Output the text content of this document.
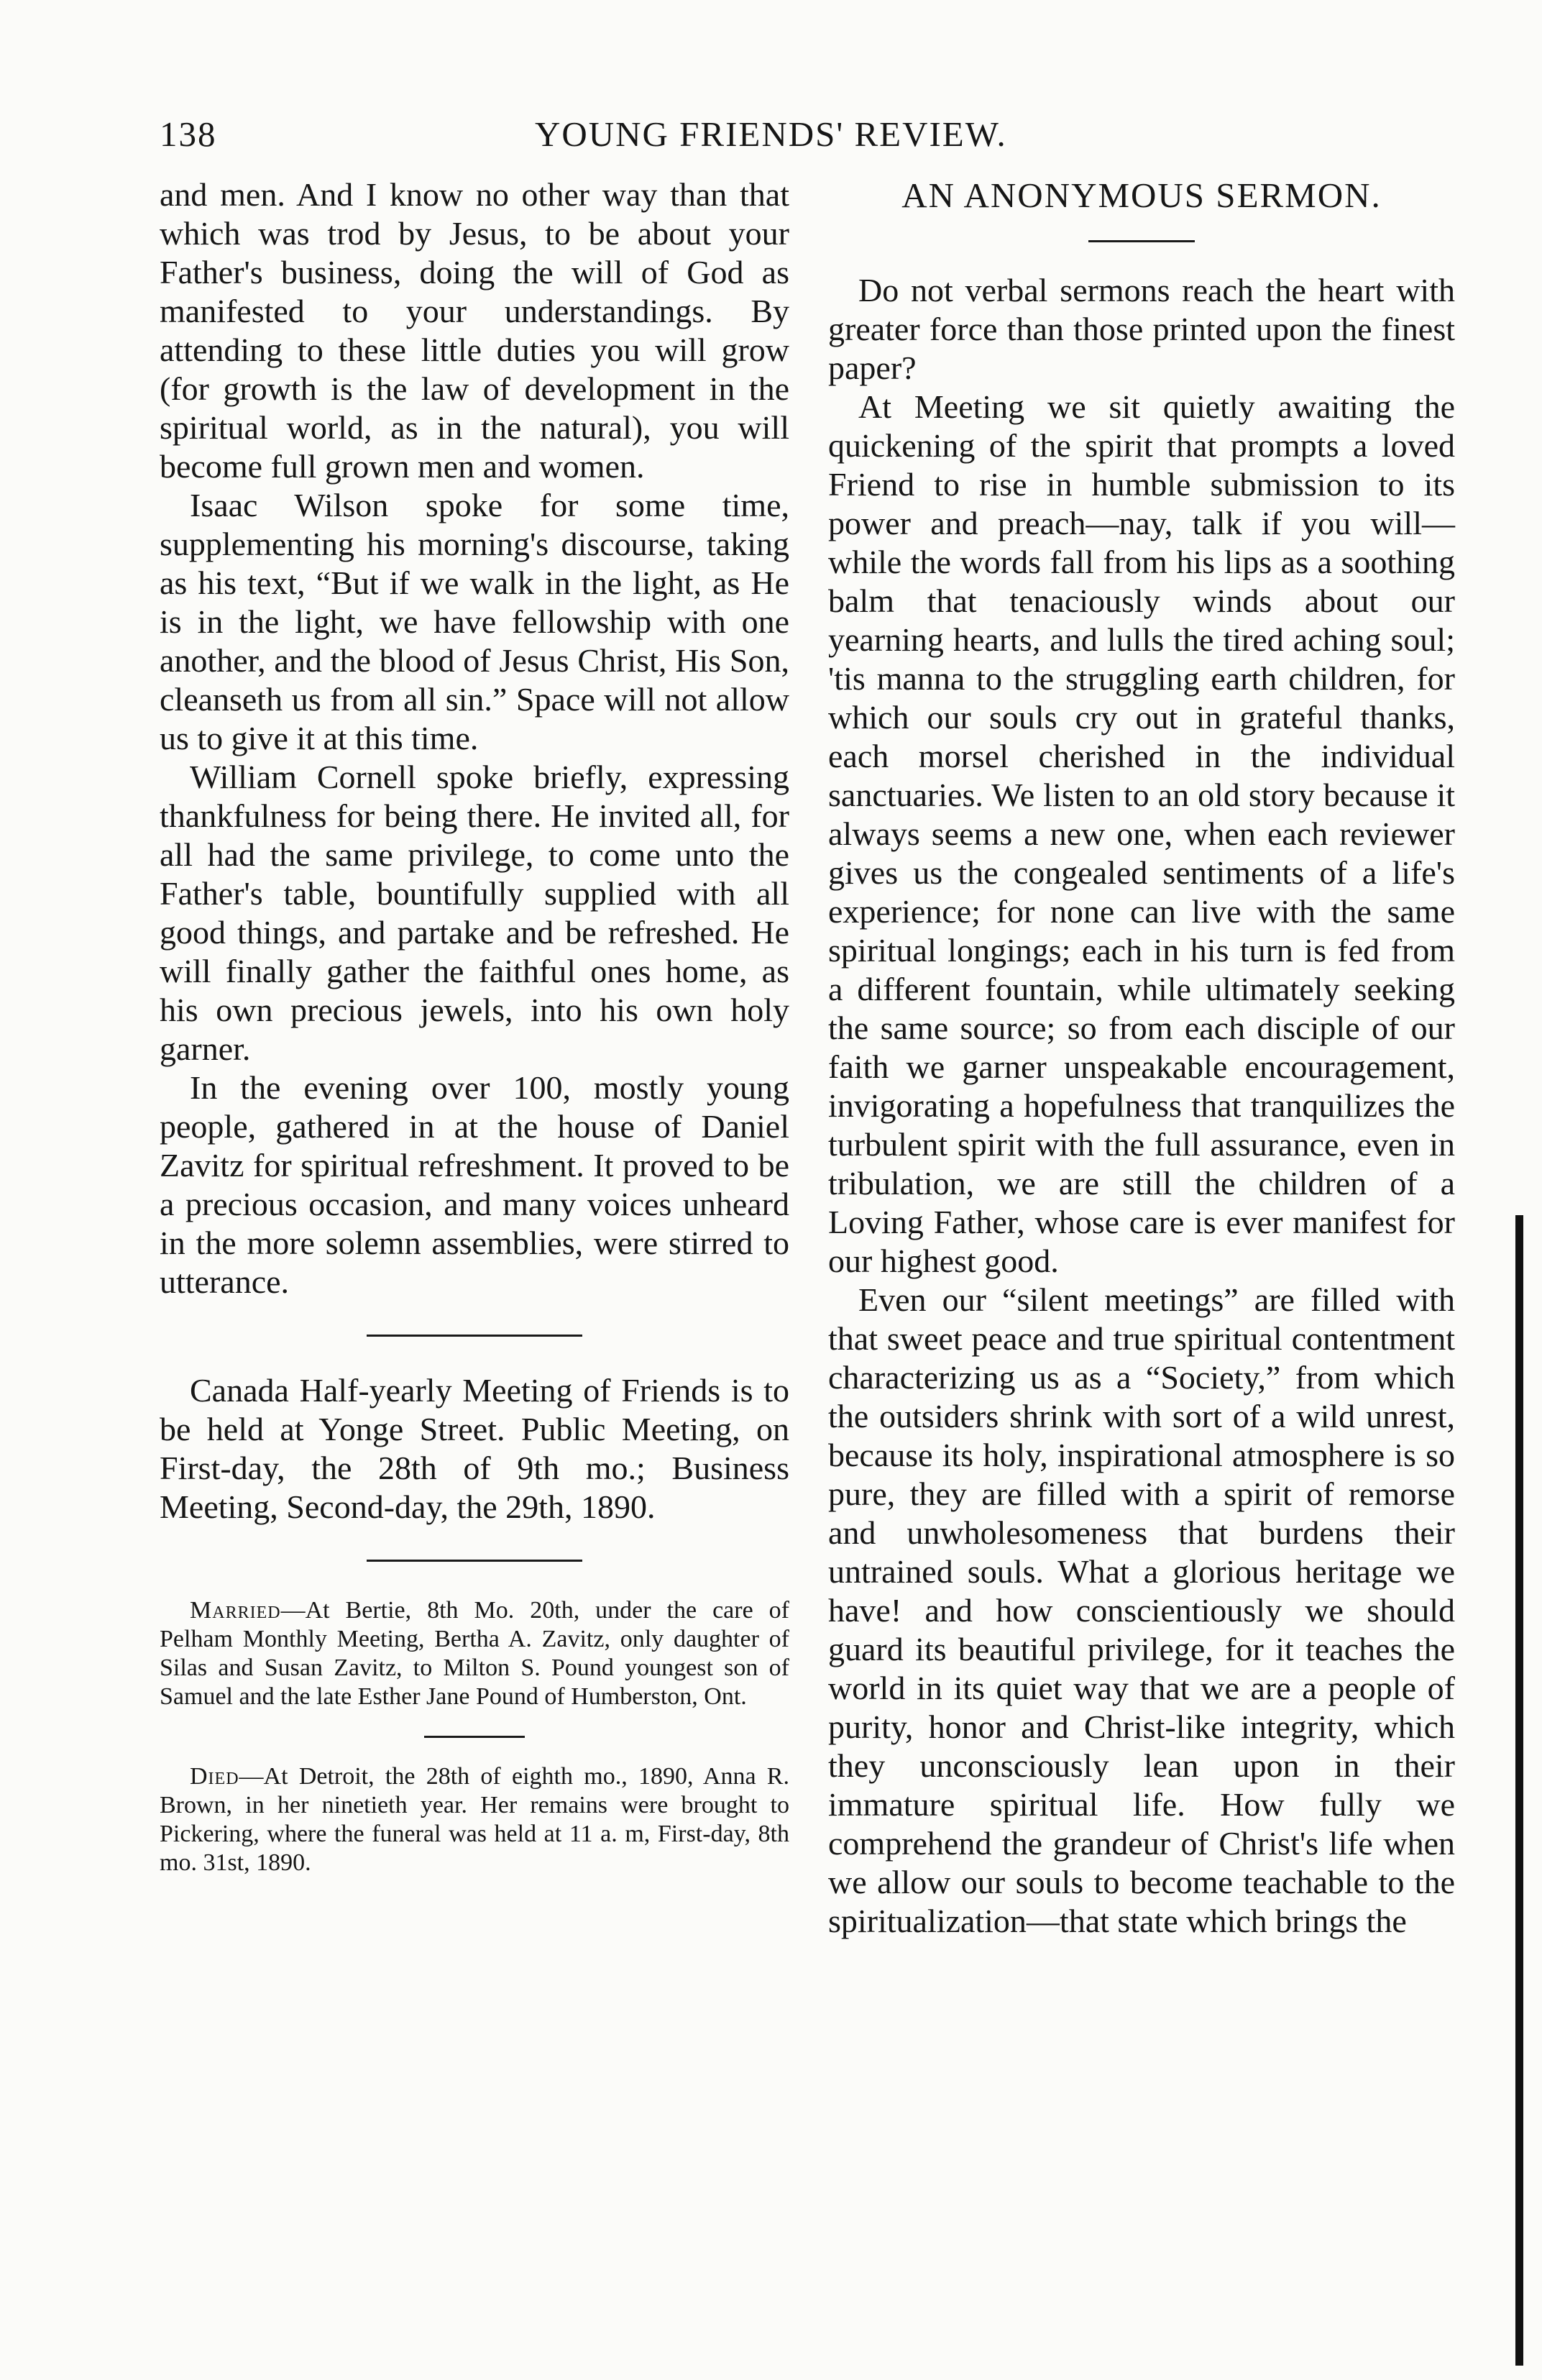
138	YOUNG FRIENDS' REVIEW.

and men. And I know no other way than that which was trod by Jesus, to be about your Father's business, doing the will of God as manifested to your understandings. By attending to these little duties you will grow (for growth is the law of development in the spiritual world, as in the natural), you will become full grown men and women.

Isaac Wilson spoke for some time, supplementing his morning's discourse, taking as his text, “But if we walk in the light, as He is in the light, we have fellowship with one another, and the blood of Jesus Christ, His Son, cleanseth us from all sin.” Space will not allow us to give it at this time.

William Cornell spoke briefly, expressing thankfulness for being there. He invited all, for all had the same privilege, to come unto the Father's table, bountifully supplied with all good things, and partake and be refreshed. He will finally gather the faithful ones home, as his own precious jewels, into his own holy garner.

In the evening over 100, mostly young people, gathered in at the house of Daniel Zavitz for spiritual refreshment. It proved to be a precious occasion, and many voices unheard in the more solemn assemblies, were stirred to utterance.

Canada Half-yearly Meeting of Friends is to be held at Yonge Street. Public Meeting, on First-day, the 28th of 9th mo.; Business Meeting, Second-day, the 29th, 1890.

Married—At Bertie, 8th Mo. 20th, under the care of Pelham Monthly Meeting, Bertha A. Zavitz, only daughter of Silas and Susan Zavitz, to Milton S. Pound youngest son of Samuel and the late Esther Jane Pound of Humberston, Ont.

Died—At Detroit, the 28th of eighth mo., 1890, Anna R. Brown, in her ninetieth year. Her remains were brought to Pickering, where the funeral was held at 11 a. m, First-day, 8th mo. 31st, 1890.

AN ANONYMOUS SERMON.

Do not verbal sermons reach the heart with greater force than those printed upon the finest paper?

At Meeting we sit quietly awaiting the quickening of the spirit that prompts a loved Friend to rise in humble submission to its power and preach—nay, talk if you will—while the words fall from his lips as a soothing balm that tenaciously winds about our yearning hearts, and lulls the tired aching soul; 'tis manna to the struggling earth children, for which our souls cry out in grateful thanks, each morsel cherished in the individual sanctuaries. We listen to an old story because it always seems a new one, when each reviewer gives us the congealed sentiments of a life's experience; for none can live with the same spiritual longings; each in his turn is fed from a different fountain, while ultimately seeking the same source; so from each disciple of our faith we garner unspeakable encouragement, invigorating a hopefulness that tranquilizes the turbulent spirit with the full assurance, even in tribulation, we are still the children of a Loving Father, whose care is ever manifest for our highest good.

Even our “silent meetings” are filled with that sweet peace and true spiritual contentment characterizing us as a “Society,” from which the outsiders shrink with sort of a wild unrest, because its holy, inspirational atmosphere is so pure, they are filled with a spirit of remorse and unwholesomeness that burdens their untrained souls. What a glorious heritage we have! and how conscientiously we should guard its beautiful privilege, for it teaches the world in its quiet way that we are a people of purity, honor and Christ-like integrity, which they unconsciously lean upon in their immature spiritual life. How fully we comprehend the grandeur of Christ's life when we allow our souls to become teachable to the spiritualization—that state which brings the
